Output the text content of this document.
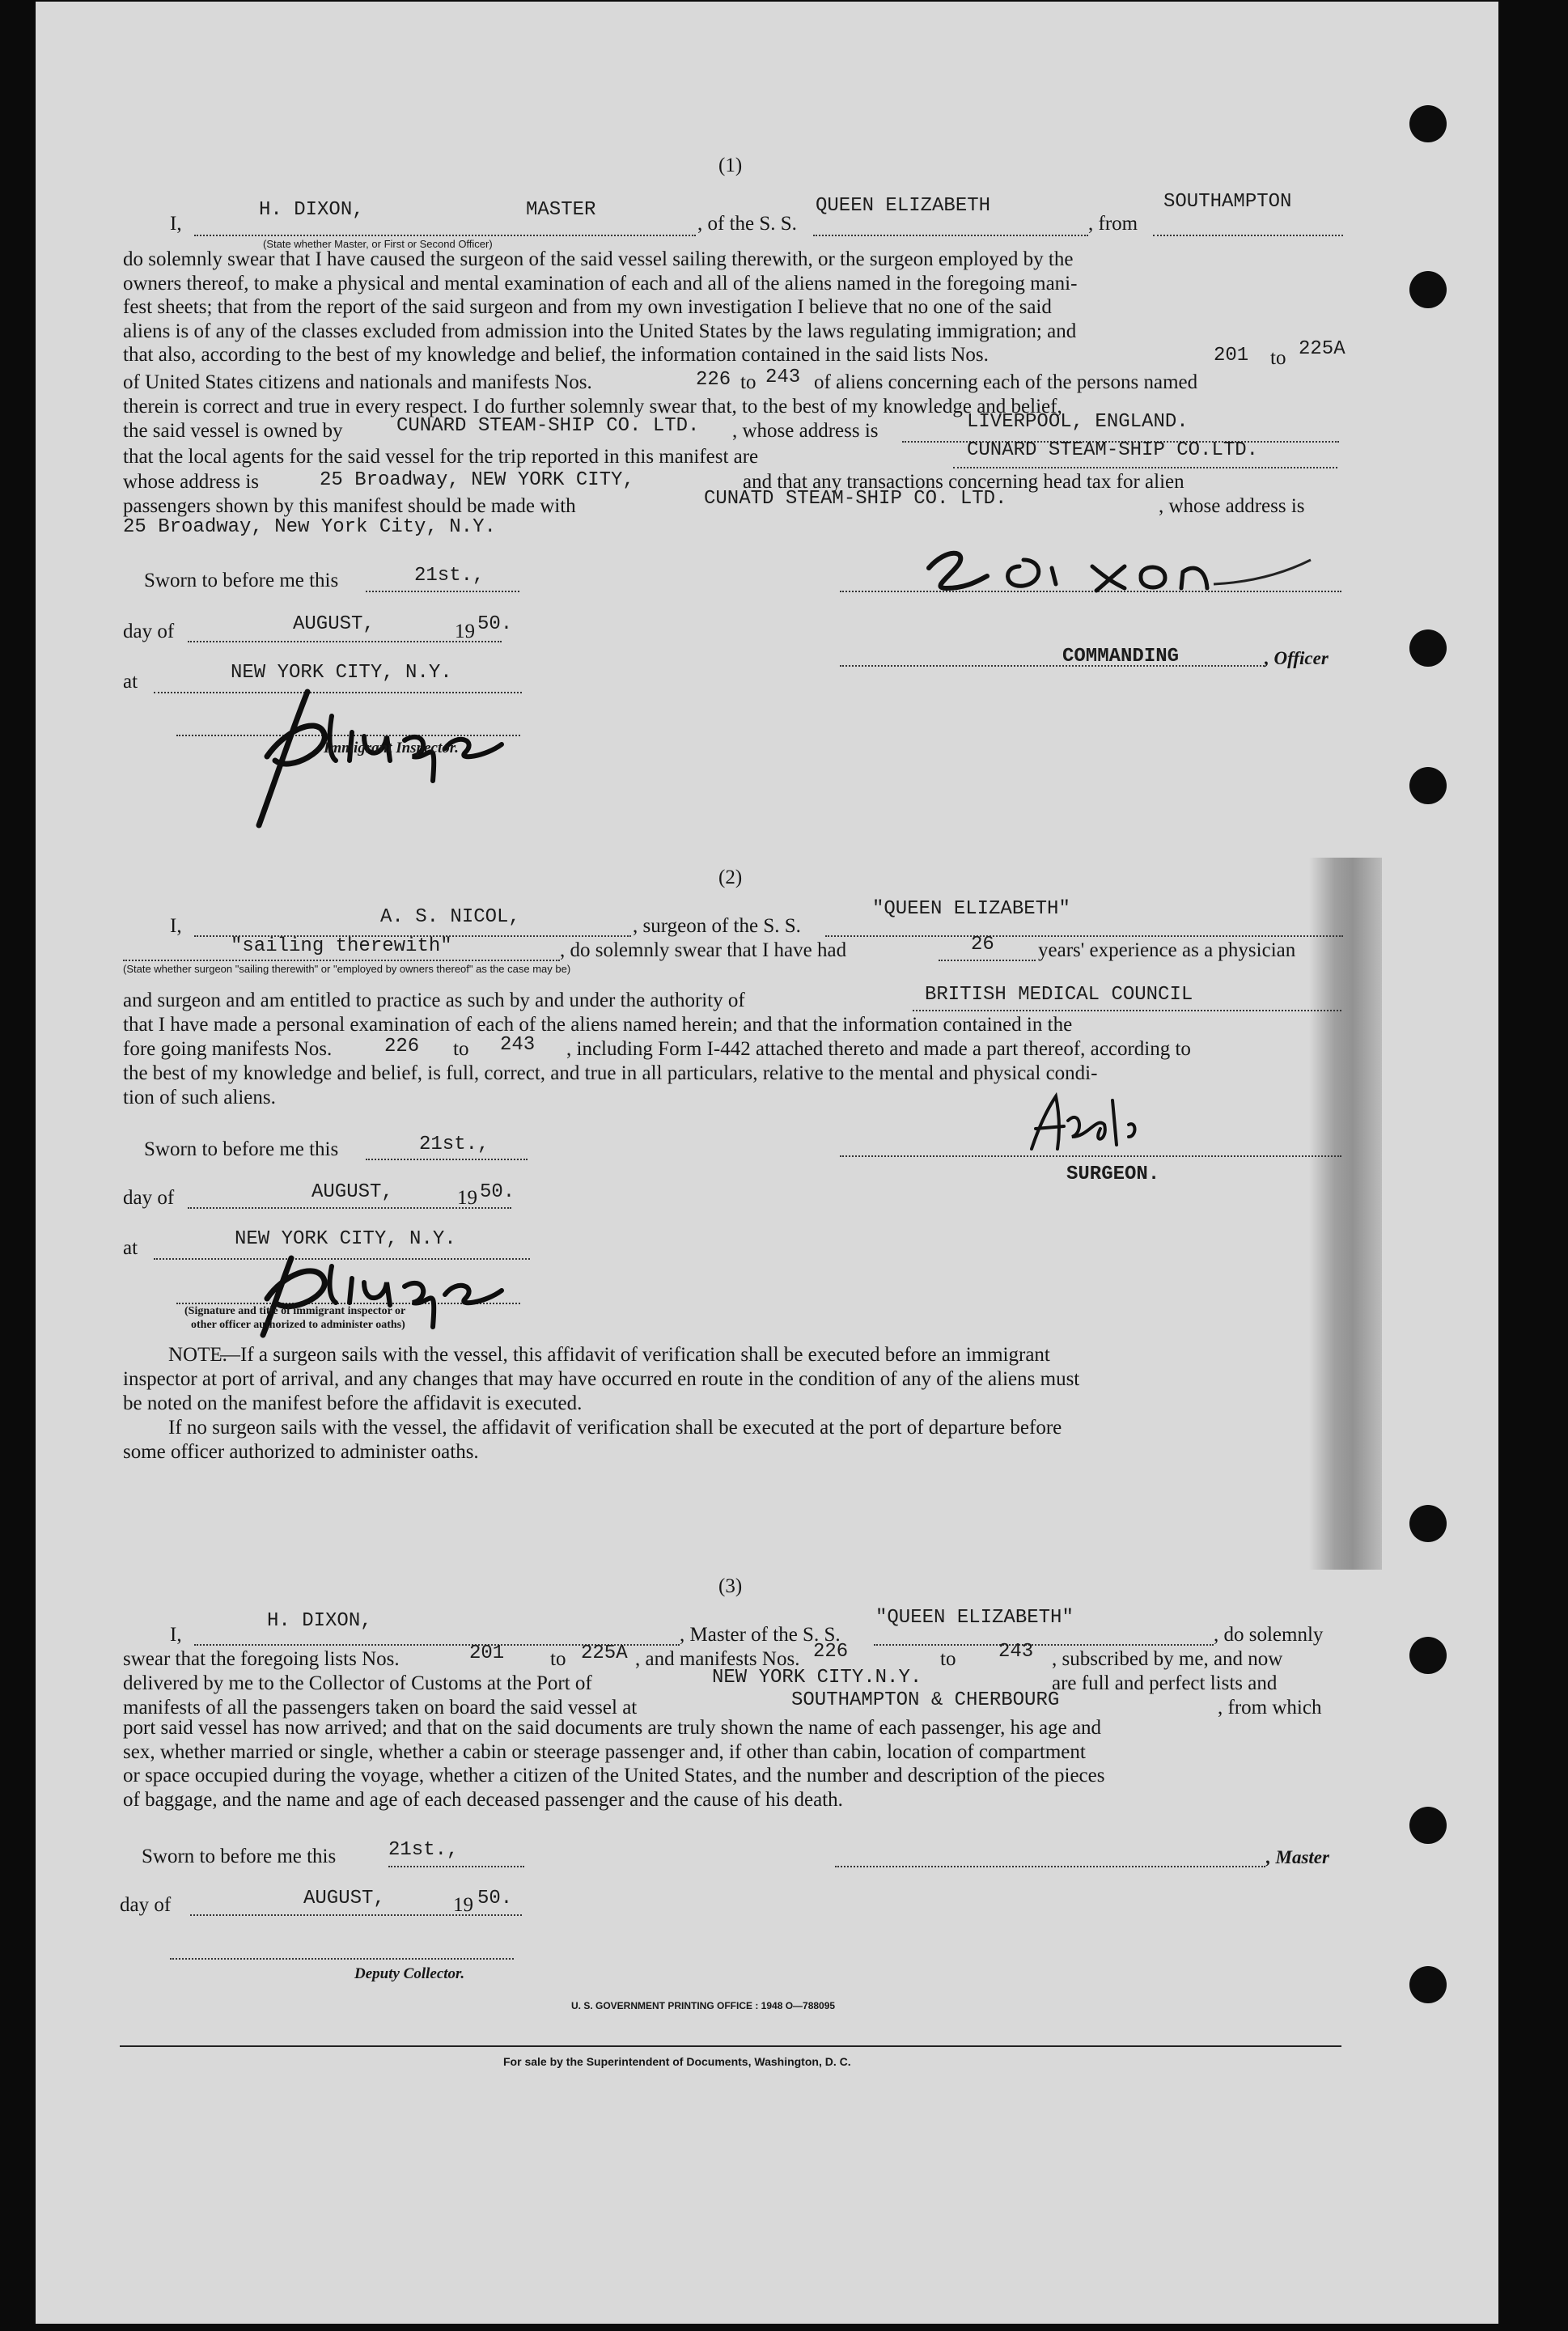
(1)
I,
H. DIXON,	MASTER
, of the S. S.
QUEEN ELIZABETH
, from
SOUTHAMPTON
(State whether Master, or First or Second Officer)
do solemnly swear that I have caused the surgeon of the said vessel sailing therewith, or the surgeon employed by the
owners thereof, to make a physical and mental examination of each and all of the aliens named in the foregoing mani-
fest sheets; that from the report of the said surgeon and from my own investigation I believe that no one of the said
aliens is of any of the classes excluded from admission into the United States by the laws regulating immigration; and
that also, according to the best of my knowledge and belief, the information contained in the said lists Nos.	201 to 225A
of United States citizens and nationals and manifests Nos.	226 to 243 of aliens concerning each of the persons named
therein is correct and true in every respect. I do further solemnly swear that, to the best of my knowledge and belief,
the said vessel is owned by	CUNARD STEAM-SHIP CO. LTD. , whose address is	LIVERPOOL, ENGLAND.
that the local agents for the said vessel for the trip reported in this manifest are	CUNARD STEAM-SHIP CO.LTD.
whose address is	25 Broadway, NEW YORK CITY,	and that any transactions concerning head tax for alien
passengers shown by this manifest should be made with	CUNATD STEAM-SHIP CO. LTD.	, whose address is
25 Broadway, New York City, N.Y.
Sworn to before me this	21st.,
day of	AUGUST,	19 50.
COMMANDING	, Officer
at	NEW YORK CITY, N.Y.
Immigrant Inspector.
(2)
I,	A. S. NICOL,	, surgeon of the S. S.
"QUEEN ELIZABETH"
"sailing therewith"	, do solemnly swear that I have had	26 years' experience as a physician
(State whether surgeon "sailing therewith" or "employed by owners thereof" as the case may be)
and surgeon and am entitled to practice as such by and under the authority of	BRITISH MEDICAL COUNCIL
that I have made a personal examination of each of the aliens named herein; and that the information contained in the
fore going manifests Nos.	226 to 243 , including Form I-442 attached thereto and made a part thereof, according to
the best of my knowledge and belief, is full, correct, and true in all particulars, relative to the mental and physical condi-
tion of such aliens.
Sworn to before me this	21st.,
SURGEON.
day of	AUGUST,	19 50.
at	NEW YORK CITY, N.Y.
(Signature and title of immigrant inspector or
other officer authorized to administer oaths)
NOTE.
—If a surgeon sails with the vessel, this affidavit of verification shall be executed before an immigrant
inspector at port of arrival, and any changes that may have occurred en route in the condition of any of the aliens must
be noted on the manifest before the affidavit is executed.
If no surgeon sails with the vessel, the affidavit of verification shall be executed at the port of departure before
some officer authorized to administer oaths.
(3)
I,
H. DIXON,
, Master of the S. S.
"QUEEN ELIZABETH"
, do solemnly
swear that the foregoing lists Nos.	201 to 225A , and manifests Nos. 226	to 243 , subscribed by me, and now
delivered by me to the Collector of Customs at the Port of	NEW YORK CITY.N.Y.	are full and perfect lists and
manifests of all the passengers taken on board the said vessel at	SOUTHAMPTON & CHERBOURG	, from which
port said vessel has now arrived; and that on the said documents are truly shown the name of each passenger, his age and
sex, whether married or single, whether a cabin or steerage passenger and, if other than cabin, location of compartment
or space occupied during the voyage, whether a citizen of the United States, and the number and description of the pieces
of baggage, and the name and age of each deceased passenger and the cause of his death.
Sworn to before me this	21st.,	, Master
day of	AUGUST,	19 50.
Deputy Collector.
U. S. GOVERNMENT PRINTING OFFICE : 1948 O—788095
For sale by the Superintendent of Documents, Washington, D. C.
